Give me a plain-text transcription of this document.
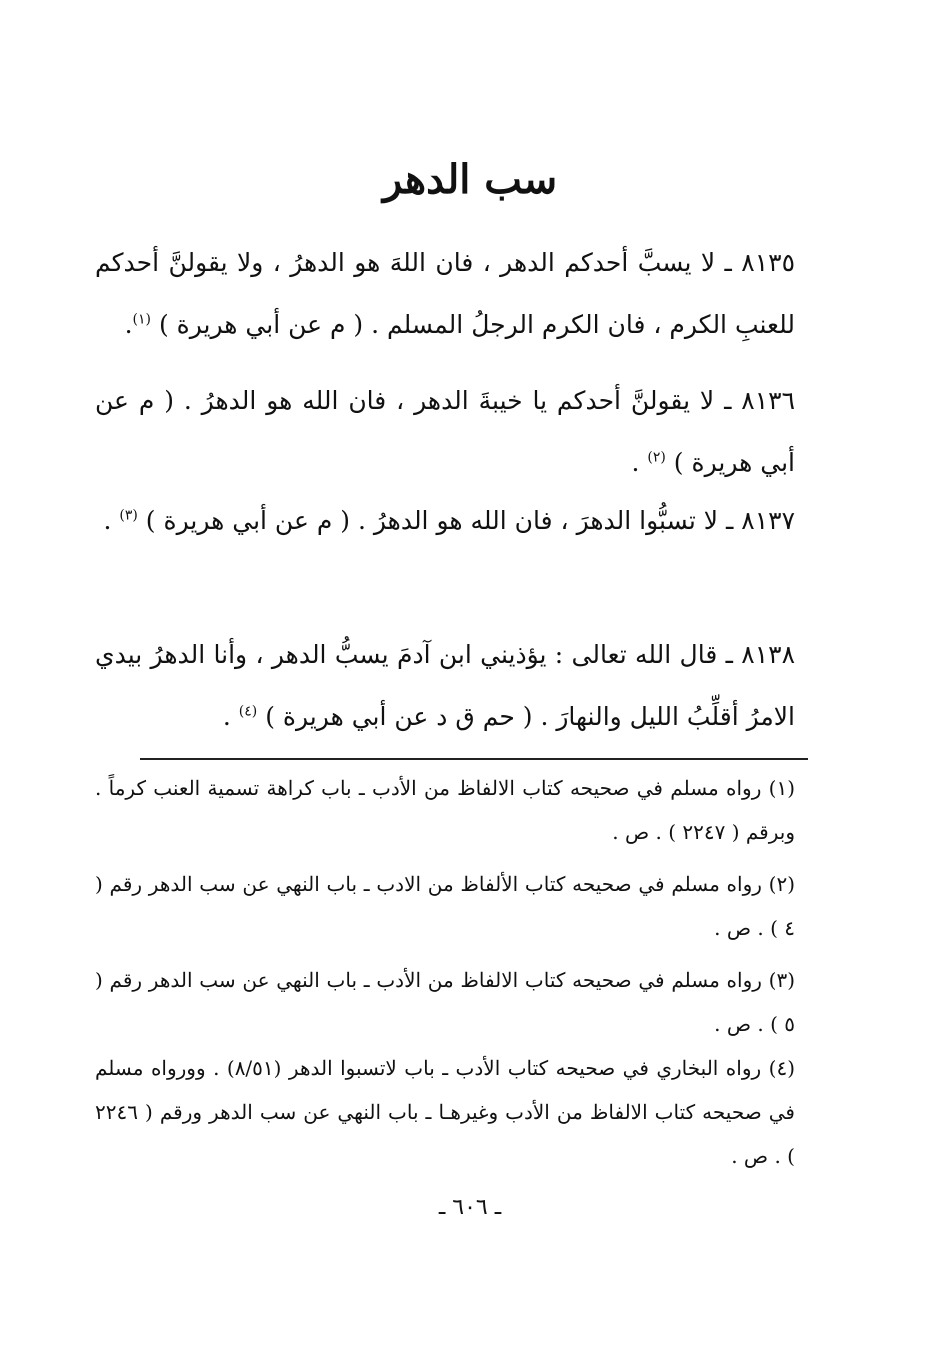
سب الدهر
٨١٣٥ ـ لا يسبَّ أحدكم الدهر ، فان اللهَ هو الدهرُ ، ولا يقولنَّ أحدكم للعنبِ الكرم ، فان الكرم الرجلُ المسلم . ( م عن أبي هريرة ) $^{(١)}$.
٨١٣٦ ـ لا يقولنَّ أحدكم يا خيبةَ الدهر ، فان الله هو الدهرُ . ( م عن أبي هريرة ) $^{(٢)}$ .
٨١٣٧ ـ لا تسبُّوا الدهرَ ، فان الله هو الدهرُ . ( م عن أبي هريرة ) $^{(٣)}$ .
٨١٣٨ ـ قال الله تعالى : يؤذيني ابن آدمَ يسبُّ الدهر ، وأنا الدهرُ بيدي الامرُ أقلِّبُ الليل والنهارَ . ( حم ق د عن أبي هريرة ) $^{(٤)}$ .
(١) رواه مسلم في صحيحه كتاب الالفاظ من الأدب ـ باب كراهة تسمية العنب كرماً . وبرقم ( ٢٢٤٧ ) . ص .
(٢) رواه مسلم في صحيحه كتاب الألفاظ من الادب ـ باب النهي عن سب الدهر رقم ( ٤ ) . ص .
(٣) رواه مسلم في صحيحه كتاب الالفاظ من الأدب ـ باب النهي عن سب الدهر رقم ( ٥ ) . ص .
(٤) رواه البخاري في صحيحه كتاب الأدب ـ باب لاتسبوا الدهر (٨/٥١) . وورواه مسلم في صحيحه كتاب الالفاظ من الأدب وغيرهـا ـ باب النهي عن سب الدهر ورقم ( ٢٢٤٦ ) . ص .
ـ ٦٠٦ ـ
